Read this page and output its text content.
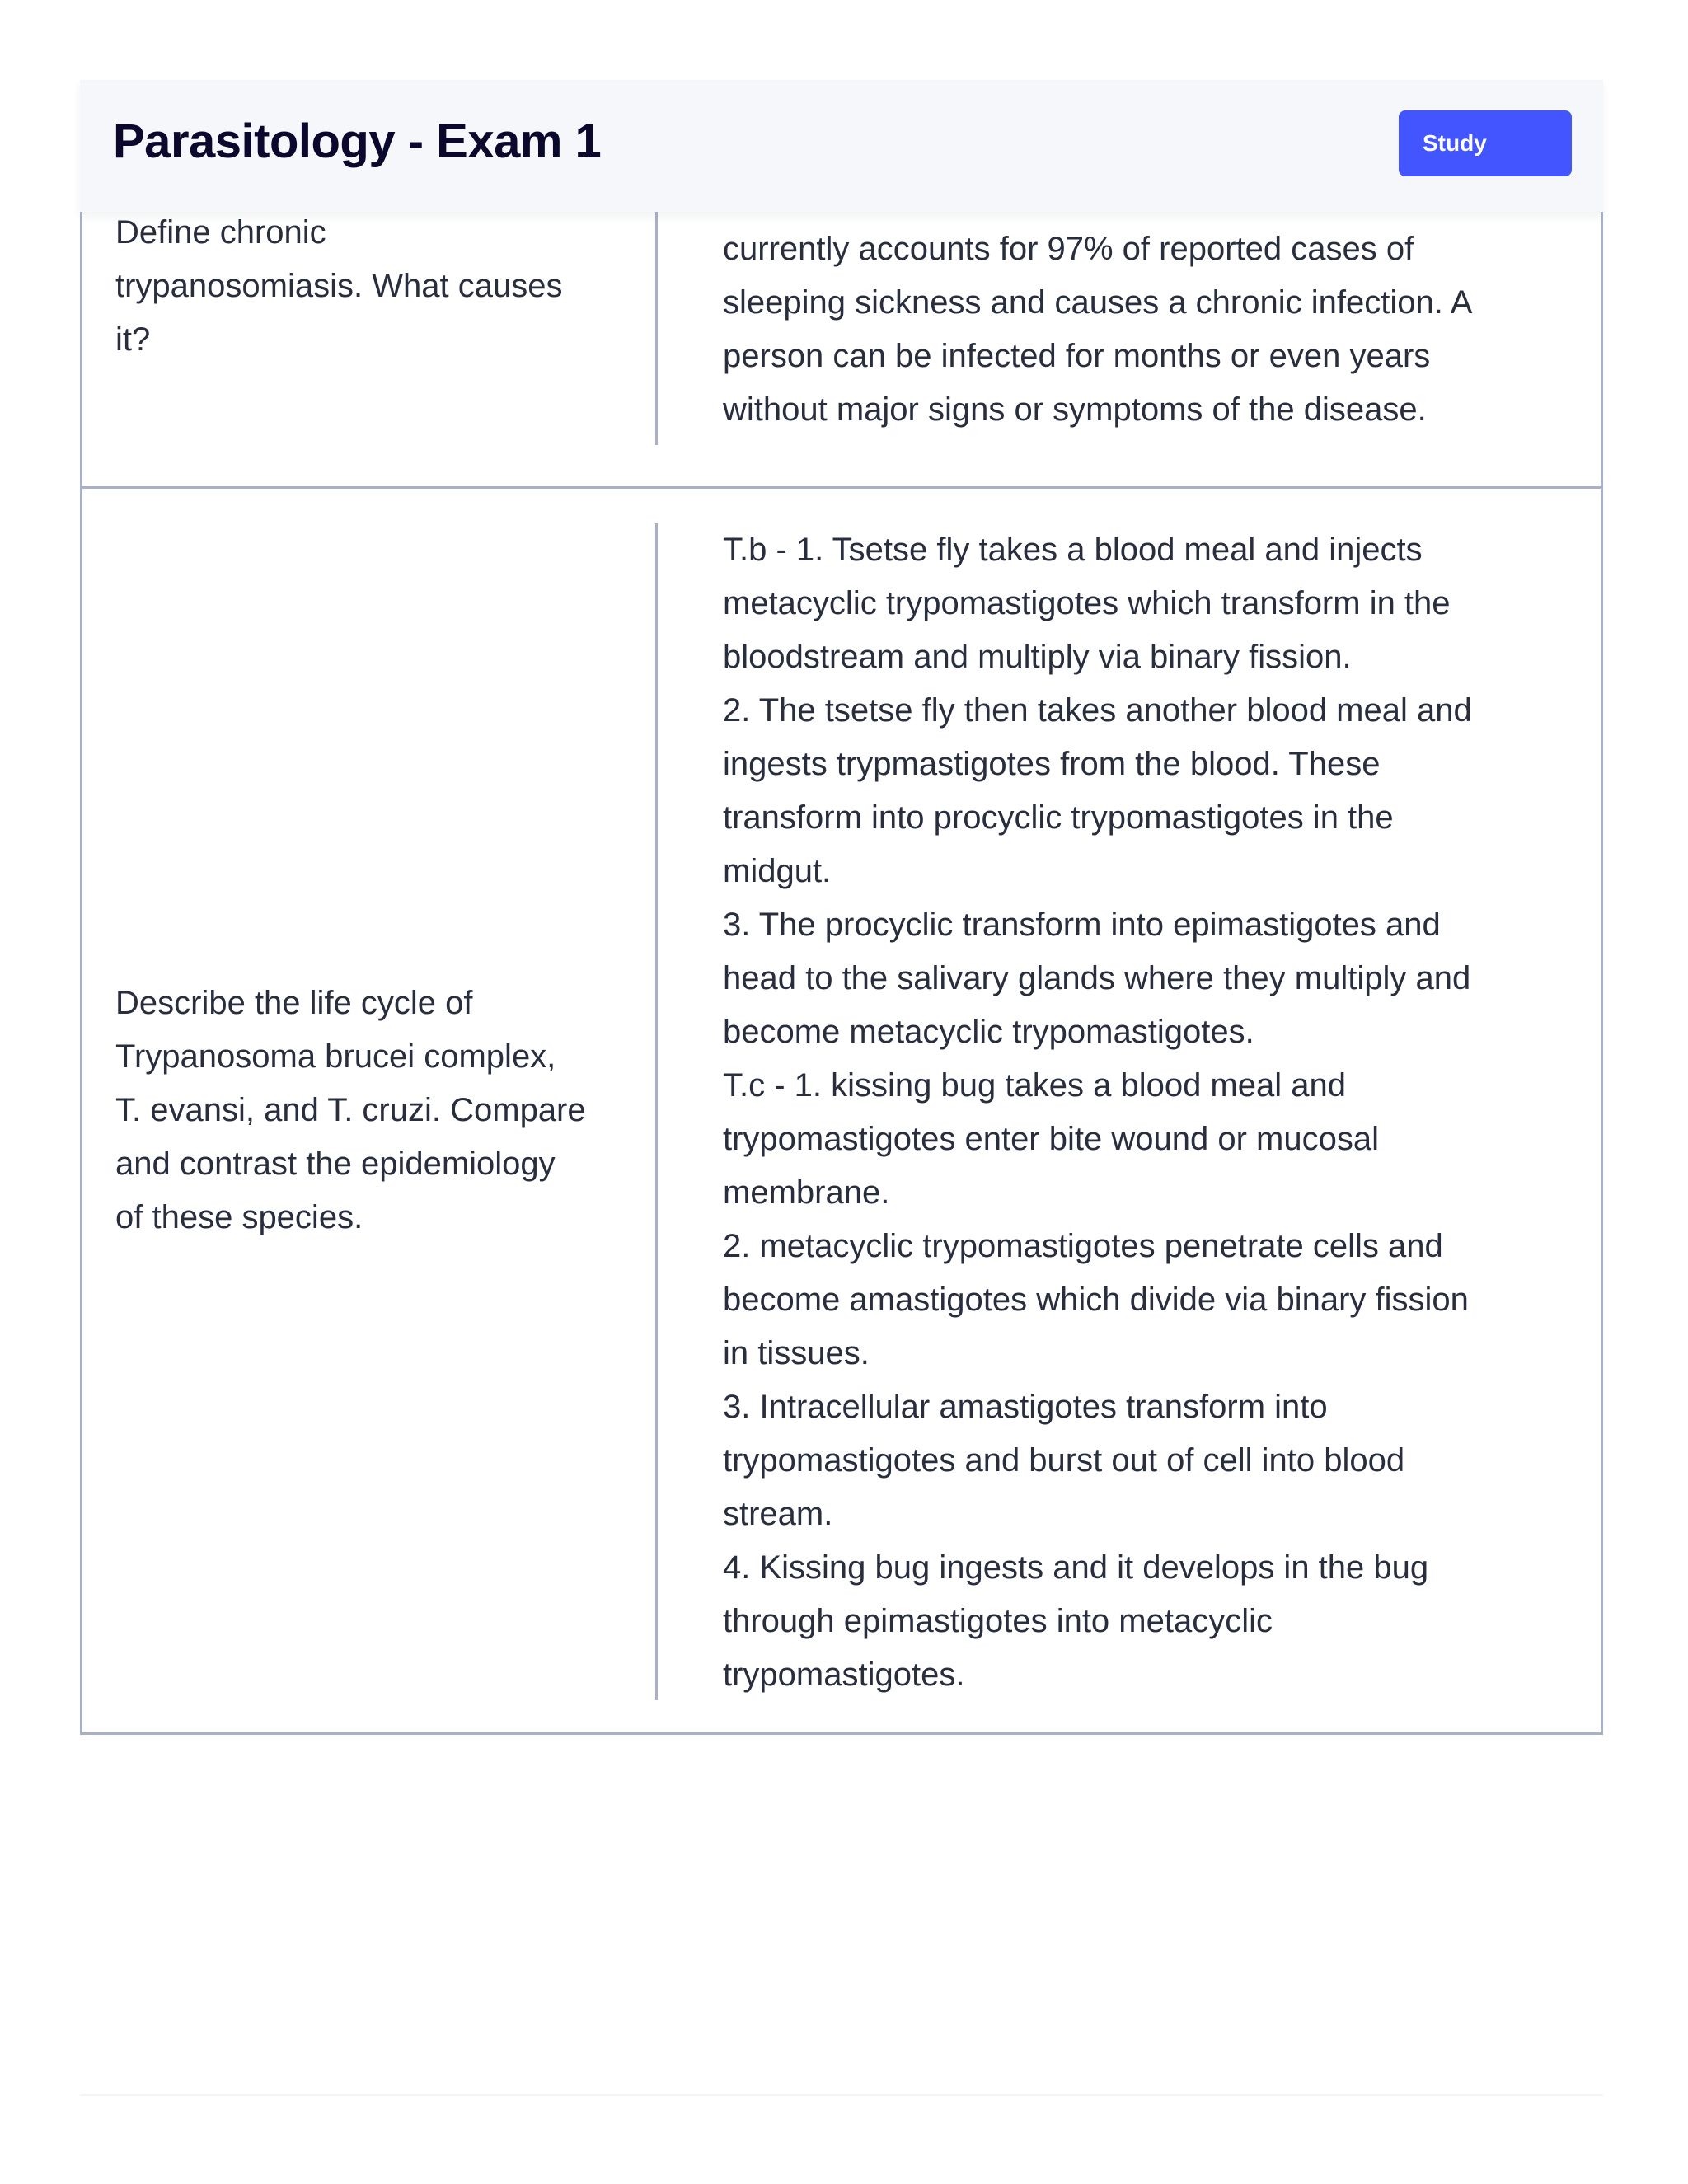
Parasitology - Exam 1	Study

Define chronic
trypanosomiasis. What causes
it?

currently accounts for 97% of reported cases of
sleeping sickness and causes a chronic infection. A
person can be infected for months or even years
without major signs or symptoms of the disease.

Describe the life cycle of
Trypanosoma brucei complex,
T. evansi, and T. cruzi. Compare
and contrast the epidemiology
of these species.

T.b - 1. Tsetse fly takes a blood meal and injects
metacyclic trypomastigotes which transform in the
bloodstream and multiply via binary fission.
2. The tsetse fly then takes another blood meal and
ingests trypmastigotes from the blood. These
transform into procyclic trypomastigotes in the
midgut.
3. The procyclic transform into epimastigotes and
head to the salivary glands where they multiply and
become metacyclic trypomastigotes.
T.c - 1. kissing bug takes a blood meal and
trypomastigotes enter bite wound or mucosal
membrane.
2. metacyclic trypomastigotes penetrate cells and
become amastigotes which divide via binary fission
in tissues.
3. Intracellular amastigotes transform into
trypomastigotes and burst out of cell into blood
stream.
4. Kissing bug ingests and it develops in the bug
through epimastigotes into metacyclic
trypomastigotes.
